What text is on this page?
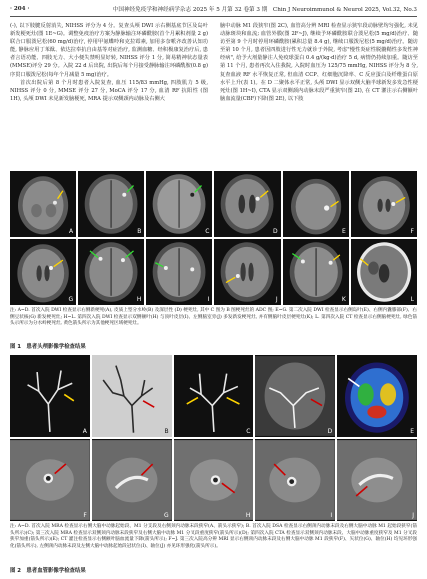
· 204 ·	中国神经免疫学和神经病学杂志 2025 年 5 月第 32 卷第 3 期　Chin J Neuroimmunol & Neurol 2025, Vol.32, No.3

(-), 以下肢腱反射消失, NIHSS 评分为 4 分。复查头颅 DWI 示右侧基底节区及岛叶新发梗死灶(图 1E~G)。调整免疫治疗方案为静脉输注环磷酰胺(首个月累积剂量 2 g)联合口服泼尼松(60 mg/d)治疗, 停用甲氨蝶呤和克拉霉素, 加用多奈哌齐改善认知功能, 静脉应用丁苯酞、依达拉奉抗自由基等对症治疗, 监测血糖、经积极康复治疗后, 患者言语功能、四肢无力、大小便失禁明显好转, NIHSS 评分 1 分, 简易精神状态量表(MMSE)评分 29 分。入院 22 d 后出院, 出院后每个月接受静脉输注环磷酰胺(0.8 g)序贯口服泼尼松(每年个月减量 5 mg)治疗。

首次出院后第 8 个月时患者入院复查, 血压 115/83 mmHg, 四肢肌力 5 级, NIHSS 评分 0 分, MMSE 评分 27 分, MoCA 评分 17 分, 血清 RF 抗阳性 (图 1H), 头颅 DWI 未见新发脑梗死, MRA 提示双侧颈内动脉及右侧大

脑中动脉 M1 段狭窄(图 2C), 血管高分辨 MRI 检查显示狭窄段动脉壁均匀强化, 未见动脉斑块和血流; 血管外膜(图 2F~J), 继续予环磷酰胺联合泼尼松(5 mg/d)治疗、随访至第 9 个月时停用环磷酰胺(累积总量 8.4 g), 继续口服泼尼松(5 mg/d)治疗。随访至第 10 个月, 患者因四肢进行性无力就诊于外院, 考虑"慢性炎症性脱髓鞘性多发性神经病", 给予大剂量静注人免疫球蛋白 0.4 g/(kg·d)治疗 5 d, 病情仍持续加重。随访至第 11 个月, 患者再次入住我院, 入院时血压为 125/75 mmHg, NIHSS 评分为 8 分, 复查血液 RF 水平恢复正常, 但血清 CCP、红细胞沉降率、C 反应蛋白及纤维蛋白原水平上升(表 1)。在 D 二聚体水平正常, 头颅 DWI 显示双侧大脑半球新发多发急性梗死灶(图 1H~I), CTA 显示双侧颈内动脉末段严重狭窄(图 2I), 在 CT 灌注示右侧额叶脑血流量(CBF)下降(图 2E), 以下肢

A	B	C	D	E	F
G	H	I	J	K	L
注: A~D. 首次入院 DWI 检查显示右侧新梗死(A), 皮质上型分水岭(B) 及深层性 (D) 梗死灶, 其中 C 图为 B 图梗死灶的 ADC 图; E~G. 第二次入院 DWI 检查显示右侧岛叶(E)、右侧内囊膝部(F)、右侧豆状核(G) 新发梗死灶; H~L. 第四次入院 DWI 检查显示双侧额叶(H) 与顶叶皮层(I)、左侧脑室旁(J) 多发新发梗死灶, 并有侧脑叶皮层梗死灶(K); L. 第四次入院 CT 检查显示右侧脑梗死灶, 绿色箭头示所示为分水岭梗死灶, 黄色箭头所示为其他梗死区域梗死灶。
图 1　患者头颅影像学检查结果
A	B	C	D	E
F	G	H	I	J
注: A~D. 首次入院 MRA 检查显示右侧大脑中动脉起始段、M1 分支段及右侧颈内动脉末段狭窄(A、箭头示狭窄); B. 首次入院 DSA 检查显示右侧颈内动脉末段及右侧大脑中动脉 M1 起始段狭窄(箭头所示)(C); 第三次入院 MRA 检查显示双侧颈内动脉末段狭窄及右侧大脑中动脉 M1 分叉段重度狭窄(箭头所示)(D); 第四次入院 CTA 检查显示双侧颈内动脉末段、大脑中动脉重度狭窄及 M1 分叉段狭窄加重(箭头所示)(E); CT 灌注检查显示右侧额叶脑血流量下降(箭头所示); F~J. 第三次入院高分辨 MRI 显示右侧颈内动脉末段及右侧大脑中动脉 M1 段狭窄(F)、矢状位(G)、轴位(H) 均见环形强化(箭头所示), 左侧颈内动脉末段及左侧大脑中动脉起始段冠状位(I)、轴位(J) 亦见环形强化(箭头所示)。
图 2　患者血管影像学检查结果
